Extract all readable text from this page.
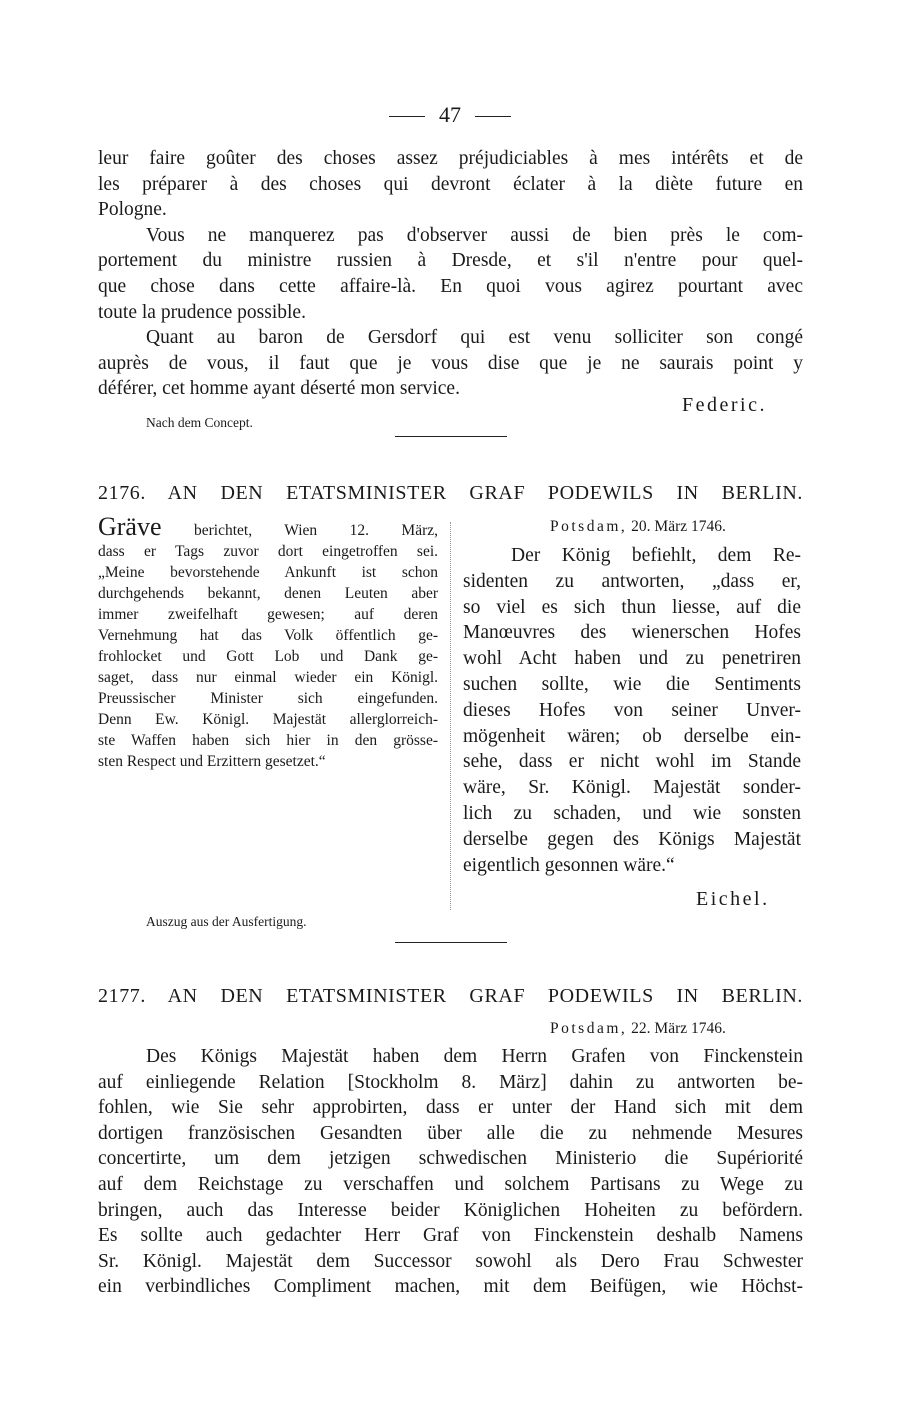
47

leur faire goûter des choses assez préjudiciables à mes intérêts et de

les préparer à des choses qui devront éclater à la diète future en

Pologne.

Vous ne manquerez pas d'observer aussi de bien près le com-

portement du ministre russien à Dresde, et s'il n'entre pour quel-

que chose dans cette affaire-là. En quoi vous agirez pourtant avec

toute la prudence possible.

Quant au baron de Gersdorf qui est venu solliciter son congé

auprès de vous, il faut que je vous dise que je ne saurais point y

déférer, cet homme ayant déserté mon service.

Federic.
Nach dem Concept.
2176. AN DEN ETATSMINISTER GRAF PODEWILS IN BERLIN.

Gräve berichtet, Wien 12. März,

dass er Tags zuvor dort eingetroffen sei.

„Meine bevorstehende Ankunft ist schon

durchgehends bekannt, denen Leuten aber

immer zweifelhaft gewesen; auf deren

Vernehmung hat das Volk öffentlich ge-

frohlocket und Gott Lob und Dank ge-

saget, dass nur einmal wieder ein Königl.

Preussischer Minister sich eingefunden.

Denn Ew. Königl. Majestät allerglorreich-

ste Waffen haben sich hier in den grösse-

sten Respect und Erzittern gesetzet.“

Potsdam, 20. März 1746.

Der König befiehlt, dem Re-

sidenten zu antworten, „dass er,

so viel es sich thun liesse, auf die

Manœuvres des wienerschen Hofes

wohl Acht haben und zu penetriren

suchen sollte, wie die Sentiments

dieses Hofes von seiner Unver-

mögenheit wären; ob derselbe ein-

sehe, dass er nicht wohl im Stande

wäre, Sr. Königl. Majestät sonder-

lich zu schaden, und wie sonsten

derselbe gegen des Königs Majestät

eigentlich gesonnen wäre.“

Eichel.
Auszug aus der Ausfertigung.
2177. AN DEN ETATSMINISTER GRAF PODEWILS IN BERLIN.
Potsdam, 22. März 1746.

Des Königs Majestät haben dem Herrn Grafen von Finckenstein

auf einliegende Relation [Stockholm 8. März] dahin zu antworten be-

fohlen, wie Sie sehr approbirten, dass er unter der Hand sich mit dem

dortigen französischen Gesandten über alle die zu nehmende Mesures

concertirte, um dem jetzigen schwedischen Ministerio die Supériorité

auf dem Reichstage zu verschaffen und solchem Partisans zu Wege zu

bringen, auch das Interesse beider Königlichen Hoheiten zu befördern.

Es sollte auch gedachter Herr Graf von Finckenstein deshalb Namens

Sr. Königl. Majestät dem Successor sowohl als Dero Frau Schwester

ein verbindliches Compliment machen, mit dem Beifügen, wie Höchst-
